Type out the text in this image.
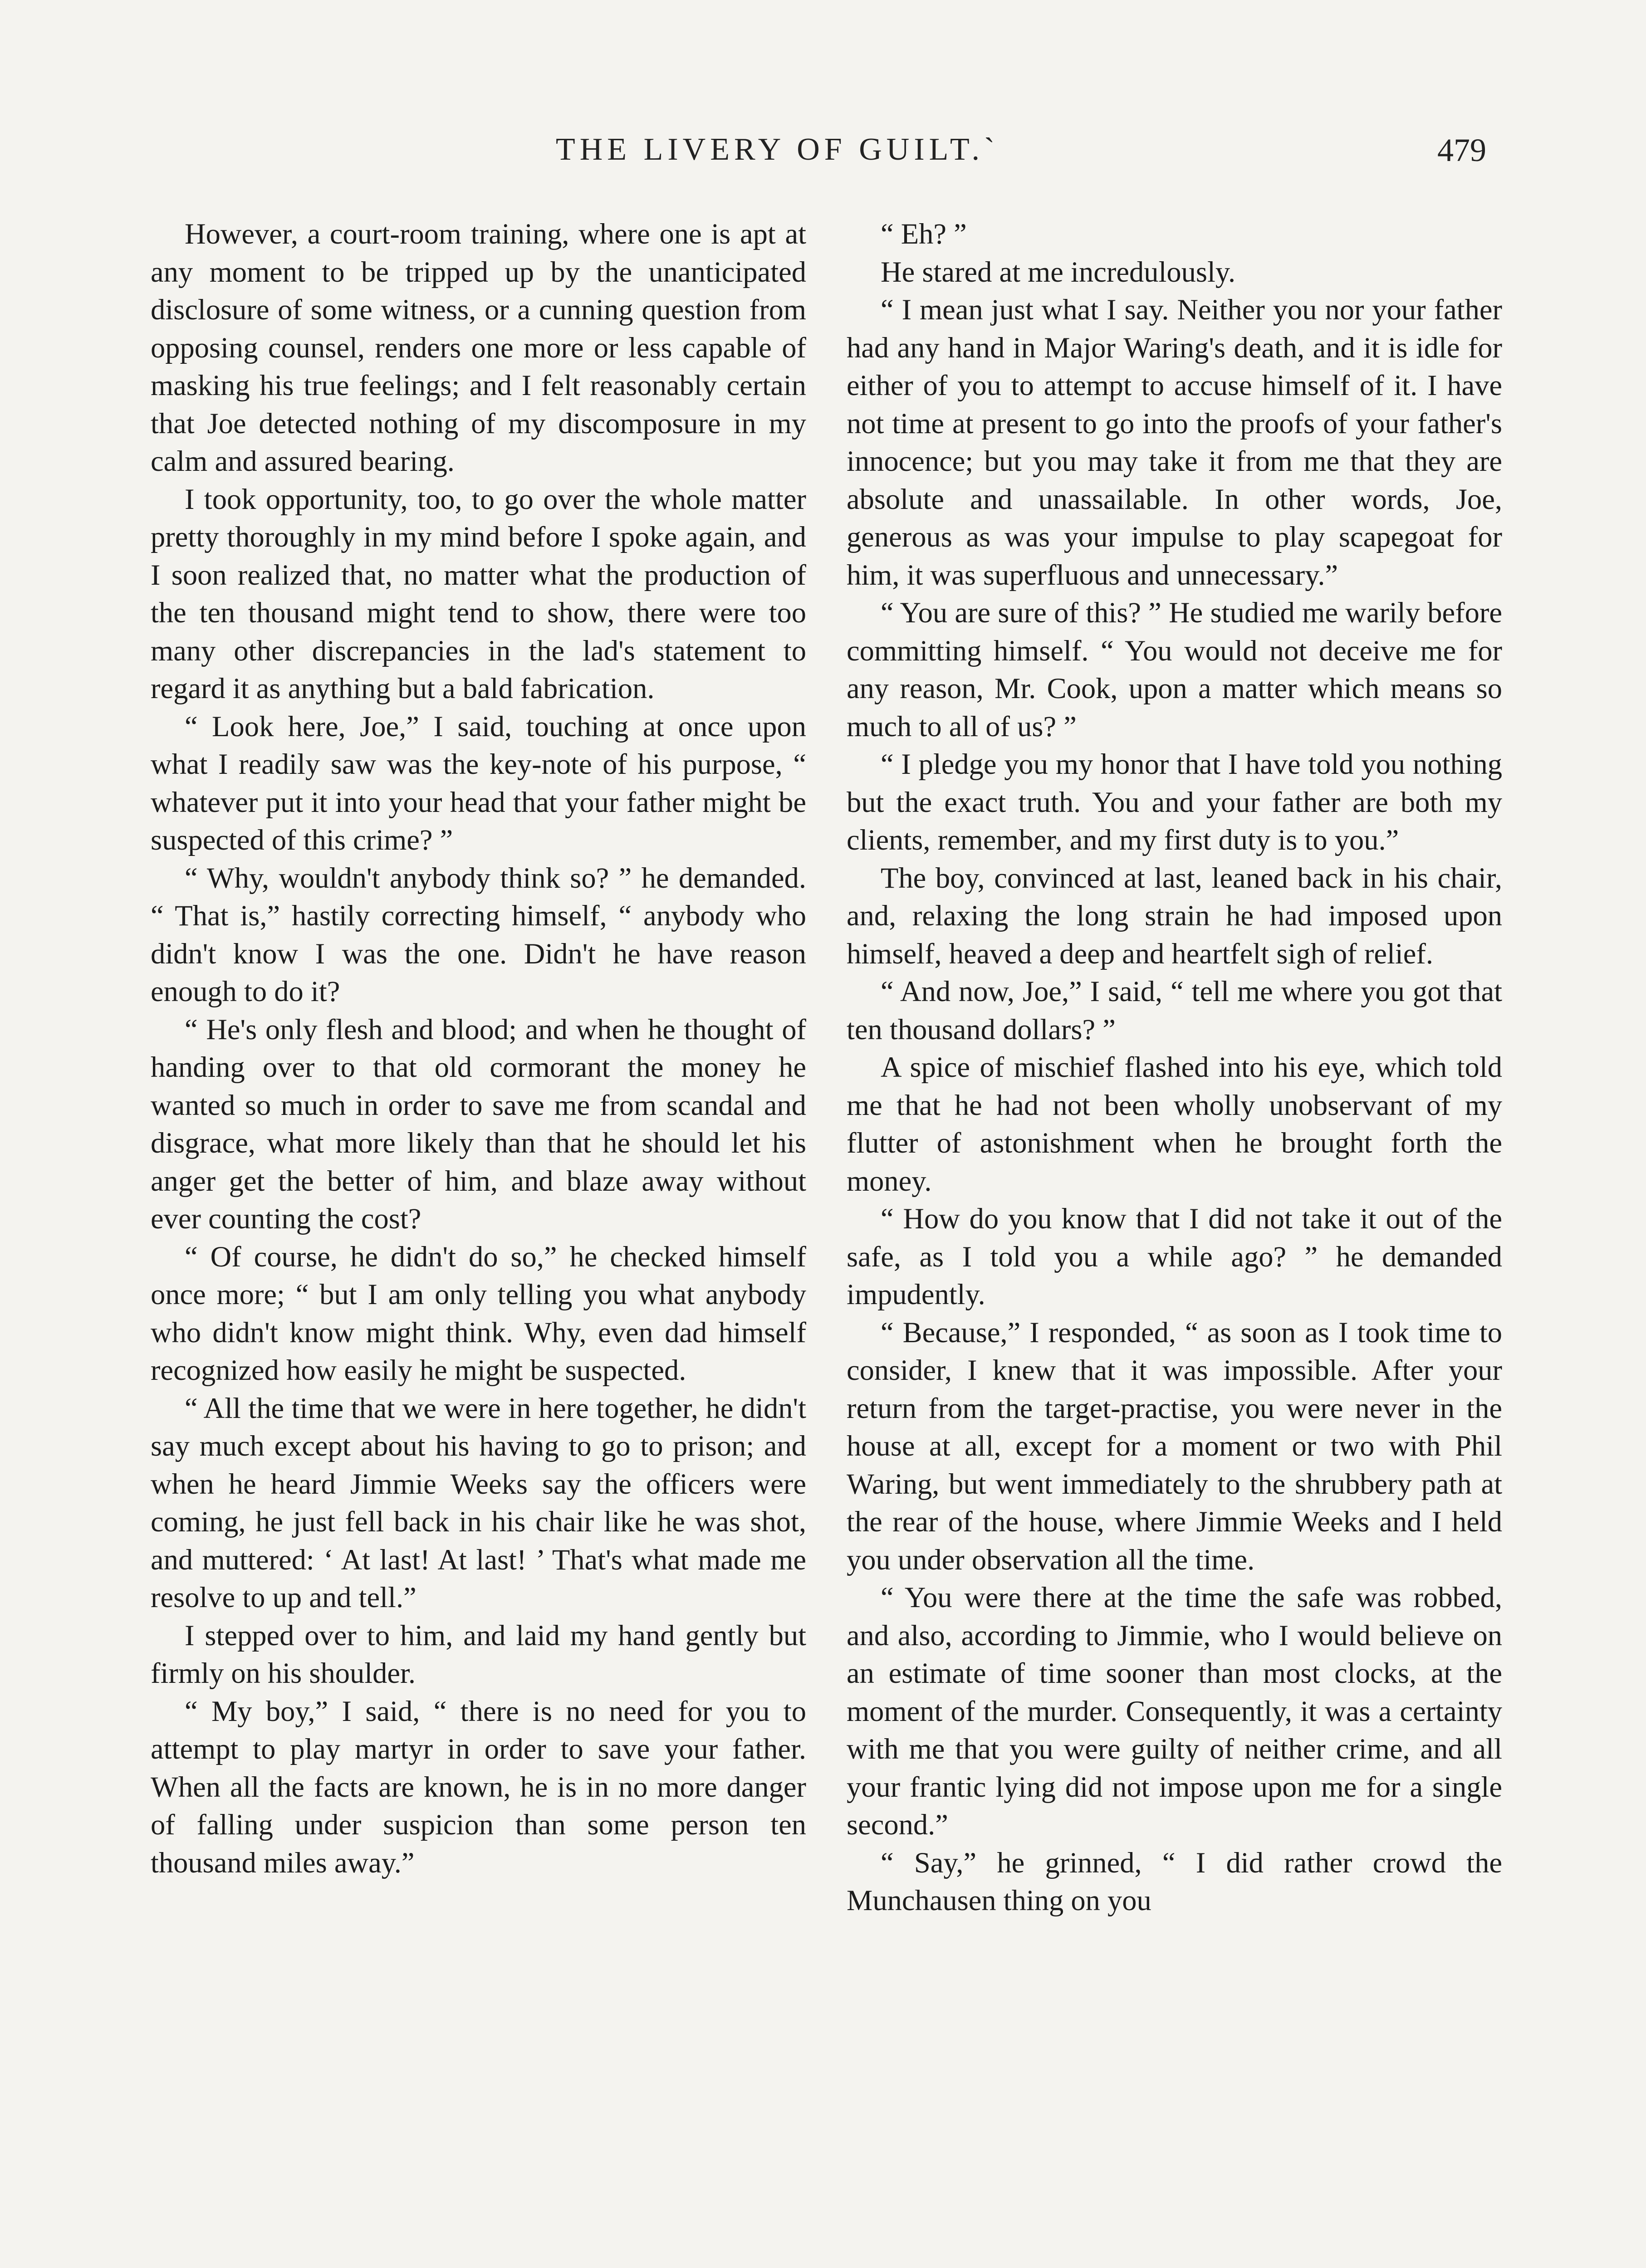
THE LIVERY OF GUILT.`	479

However, a court-room training, where one is apt at any moment to be tripped up by the unanticipated disclosure of some witness, or a cunning question from opposing counsel, renders one more or less capable of masking his true feelings; and I felt reasonably certain that Joe detected nothing of my discomposure in my calm and assured bearing.

I took opportunity, too, to go over the whole matter pretty thoroughly in my mind before I spoke again, and I soon realized that, no matter what the production of the ten thousand might tend to show, there were too many other discrepancies in the lad's statement to regard it as anything but a bald fabrication.

“ Look here, Joe,” I said, touching at once upon what I readily saw was the key-note of his purpose, “ whatever put it into your head that your father might be suspected of this crime? ”

“ Why, wouldn't anybody think so? ” he demanded. “ That is,” hastily correcting himself, “ anybody who didn't know I was the one. Didn't he have reason enough to do it?

“ He's only flesh and blood; and when he thought of handing over to that old cormorant the money he wanted so much in order to save me from scandal and disgrace, what more likely than that he should let his anger get the better of him, and blaze away without ever counting the cost?

“ Of course, he didn't do so,” he checked himself once more; “ but I am only telling you what anybody who didn't know might think. Why, even dad himself recognized how easily he might be suspected.

“ All the time that we were in here together, he didn't say much except about his having to go to prison; and when he heard Jimmie Weeks say the officers were coming, he just fell back in his chair like he was shot, and muttered: ‘ At last! At last! ’ That's what made me resolve to up and tell.”

I stepped over to him, and laid my hand gently but firmly on his shoulder.

“ My boy,” I said, “ there is no need for you to attempt to play martyr in order to save your father. When all the facts are known, he is in no more danger of falling under suspicion than some person ten thousand miles away.”

“ Eh? ”

He stared at me incredulously.

“ I mean just what I say. Neither you nor your father had any hand in Major Waring's death, and it is idle for either of you to attempt to accuse himself of it. I have not time at present to go into the proofs of your father's innocence; but you may take it from me that they are absolute and unassailable. In other words, Joe, generous as was your impulse to play scapegoat for him, it was superfluous and unnecessary.”

“ You are sure of this? ” He studied me warily before committing himself. “ You would not deceive me for any reason, Mr. Cook, upon a matter which means so much to all of us? ”

“ I pledge you my honor that I have told you nothing but the exact truth. You and your father are both my clients, remember, and my first duty is to you.”

The boy, convinced at last, leaned back in his chair, and, relaxing the long strain he had imposed upon himself, heaved a deep and heartfelt sigh of relief.

“ And now, Joe,” I said, “ tell me where you got that ten thousand dollars? ”

A spice of mischief flashed into his eye, which told me that he had not been wholly unobservant of my flutter of astonishment when he brought forth the money.

“ How do you know that I did not take it out of the safe, as I told you a while ago? ” he demanded impudently.

“ Because,” I responded, “ as soon as I took time to consider, I knew that it was impossible. After your return from the target-practise, you were never in the house at all, except for a moment or two with Phil Waring, but went immediately to the shrubbery path at the rear of the house, where Jimmie Weeks and I held you under observation all the time.

“ You were there at the time the safe was robbed, and also, according to Jimmie, who I would believe on an estimate of time sooner than most clocks, at the moment of the murder. Consequently, it was a certainty with me that you were guilty of neither crime, and all your frantic lying did not impose upon me for a single second.”

“ Say,” he grinned, “ I did rather crowd the Munchausen thing on you
